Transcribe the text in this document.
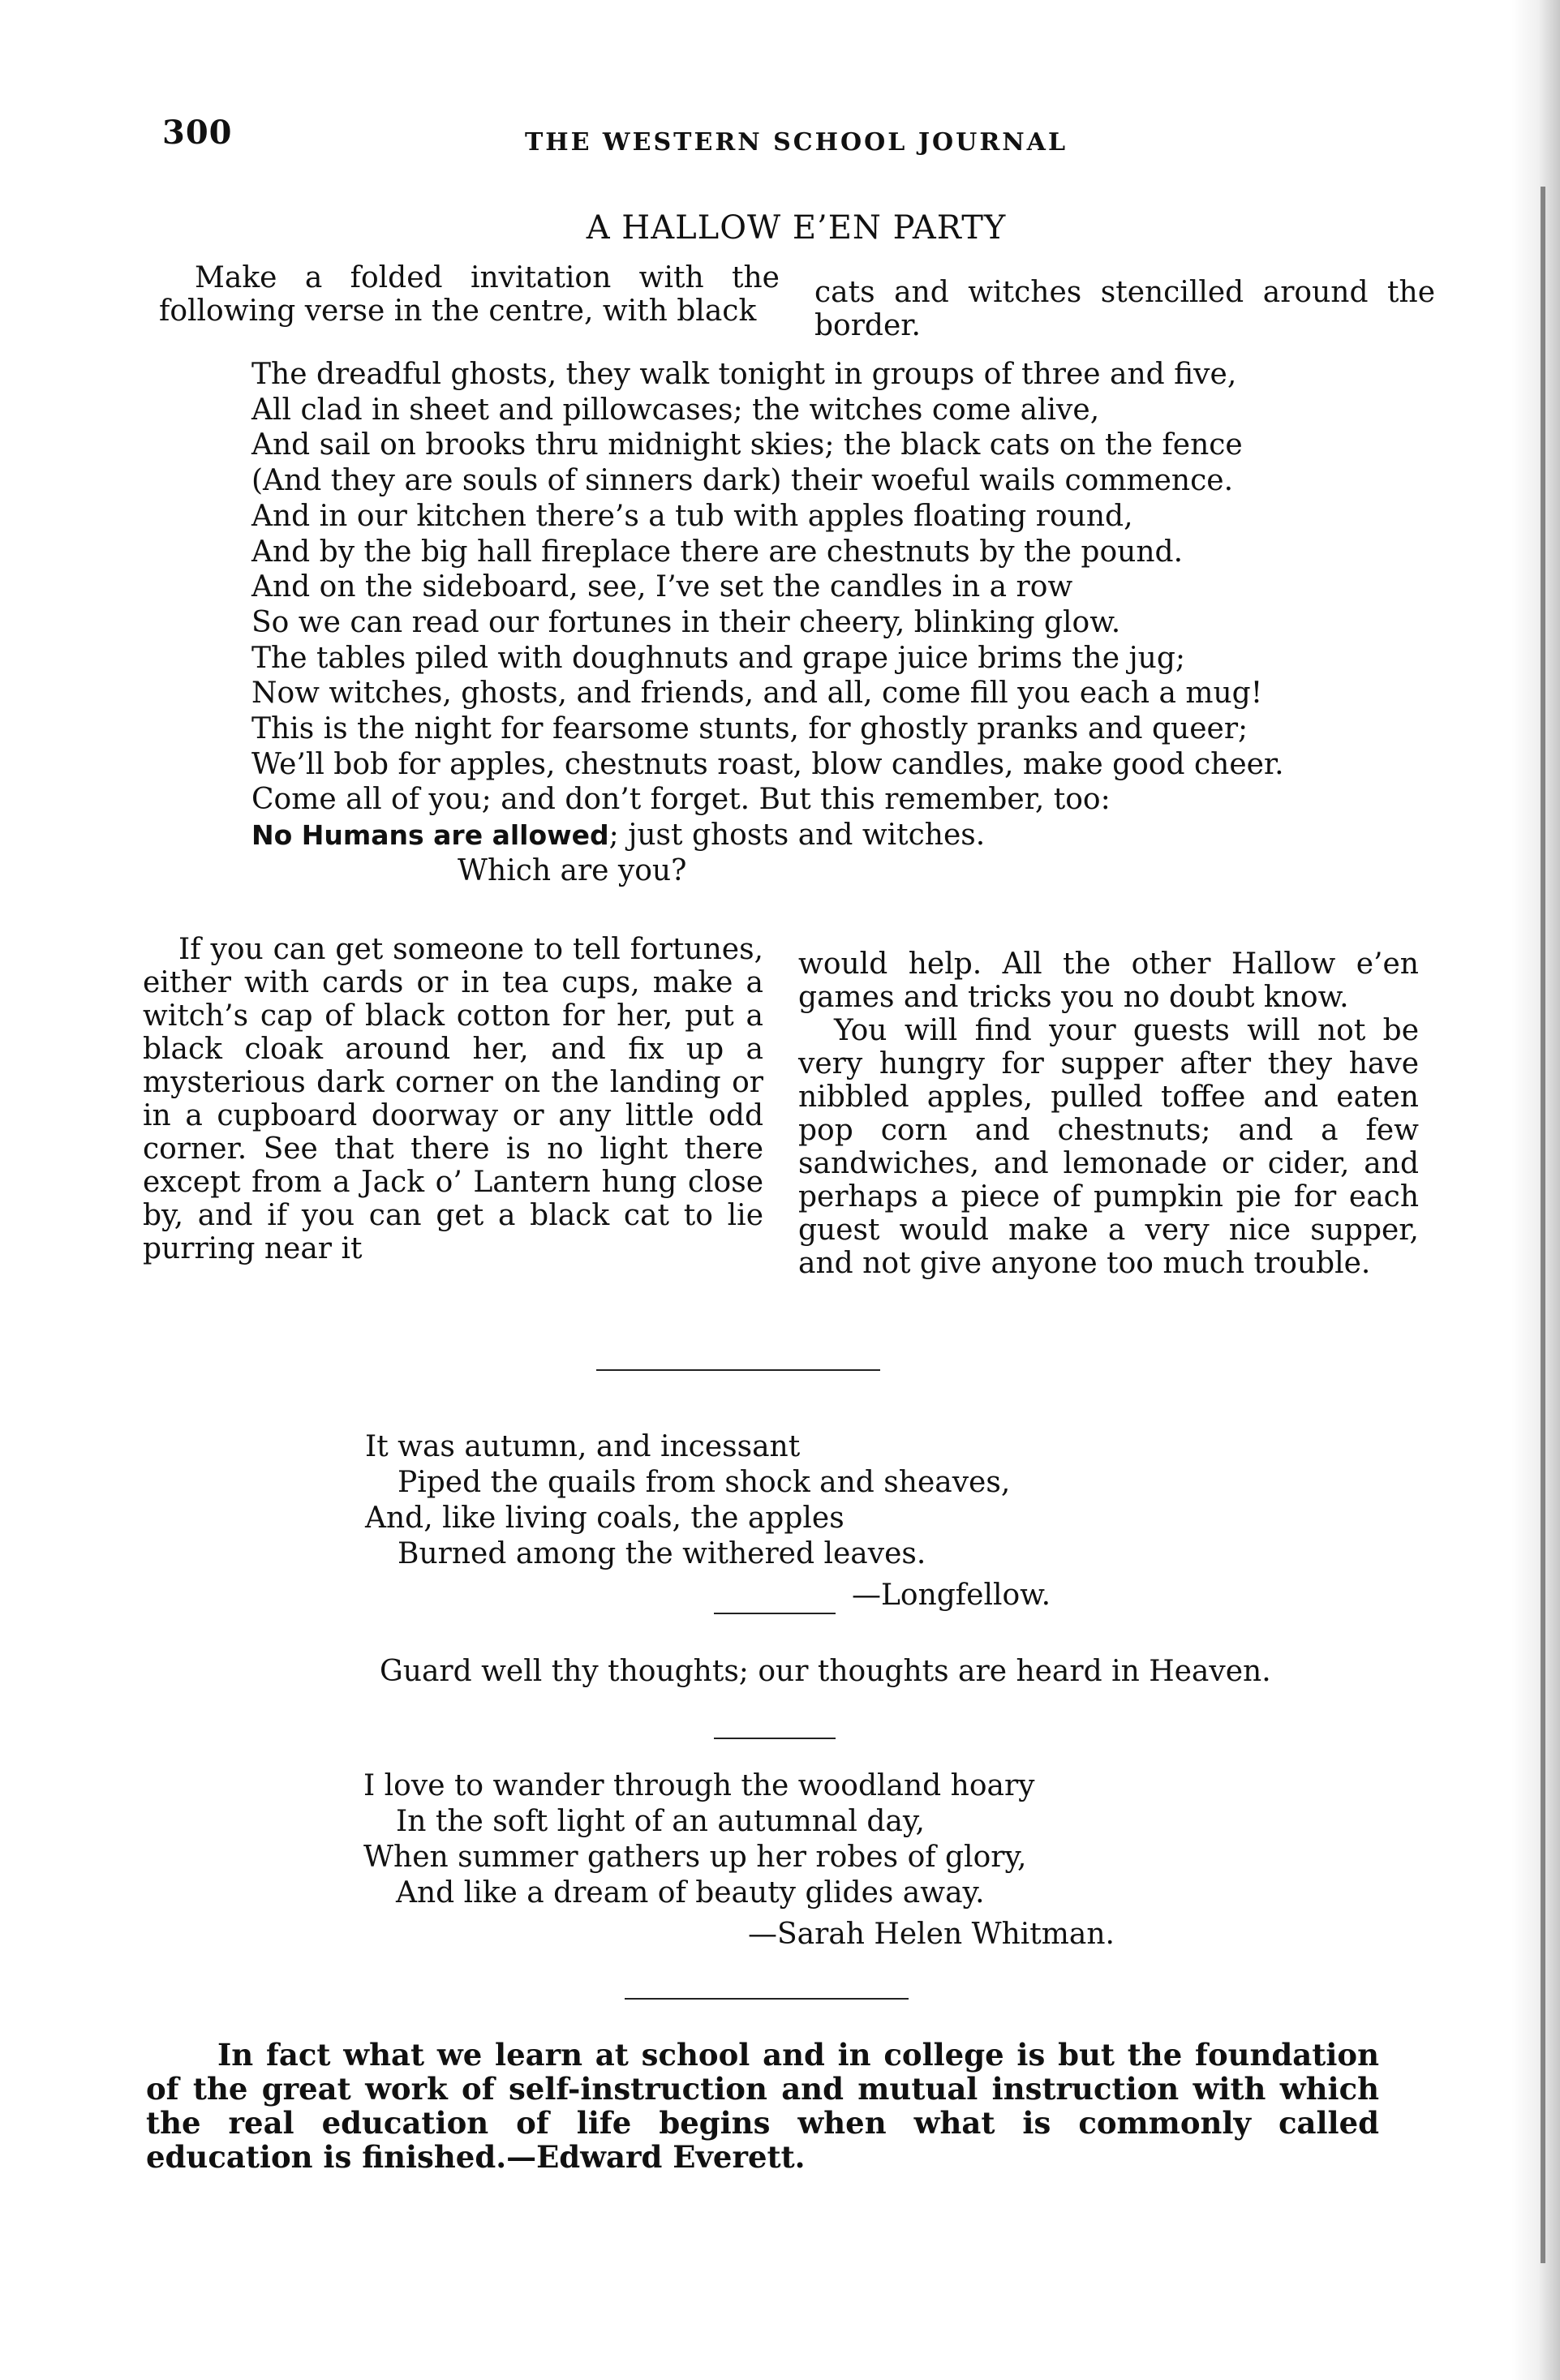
300	THE WESTERN SCHOOL JOURNAL
A HALLOW E’EN PARTY

Make a folded invitation with the following verse in the centre, with black

cats and witches stencilled around the border.

The dreadful ghosts, they walk tonight in groups of three and five,
All clad in sheet and pillowcases; the witches come alive,
And sail on brooks thru midnight skies; the black cats on the fence
(And they are souls of sinners dark) their woeful wails commence.
And in our kitchen there’s a tub with apples floating round,
And by the big hall fireplace there are chestnuts by the pound.
And on the sideboard, see, I’ve set the candles in a row
So we can read our fortunes in their cheery, blinking glow.
The tables piled with doughnuts and grape juice brims the jug;
Now witches, ghosts, and friends, and all, come fill you each a mug!
This is the night for fearsome stunts, for ghostly pranks and queer;
We’ll bob for apples, chestnuts roast, blow candles, make good cheer.
Come all of you; and don’t forget. But this remember, too:
No Humans are allowed; just ghosts and witches.
Which are you?

If you can get someone to tell fortunes, either with cards or in tea cups, make a witch’s cap of black cotton for her, put a black cloak around her, and fix up a mysterious dark corner on the landing or in a cupboard doorway or any little odd corner. See that there is no light there except from a Jack o’ Lantern hung close by, and if you can get a black cat to lie purring near it

would help. All the other Hallow e’en games and tricks you no doubt know.

You will find your guests will not be very hungry for supper after they have nibbled apples, pulled toffee and eaten pop corn and chestnuts; and a few sandwiches, and lemonade or cider, and perhaps a piece of pumpkin pie for each guest would make a very nice supper, and not give anyone too much trouble.

It was autumn, and incessant
Piped the quails from shock and sheaves,
And, like living coals, the apples
Burned among the withered leaves.
—Longfellow.
Guard well thy thoughts; our thoughts are heard in Heaven.
I love to wander through the woodland hoary
In the soft light of an autumnal day,
When summer gathers up her robes of glory,
And like a dream of beauty glides away.
—Sarah Helen Whitman.
In fact what we learn at school and in college is but the foundation of the great work of self-instruction and mutual instruction with which the real education of life begins when what is commonly called education is finished.—Edward Everett.
